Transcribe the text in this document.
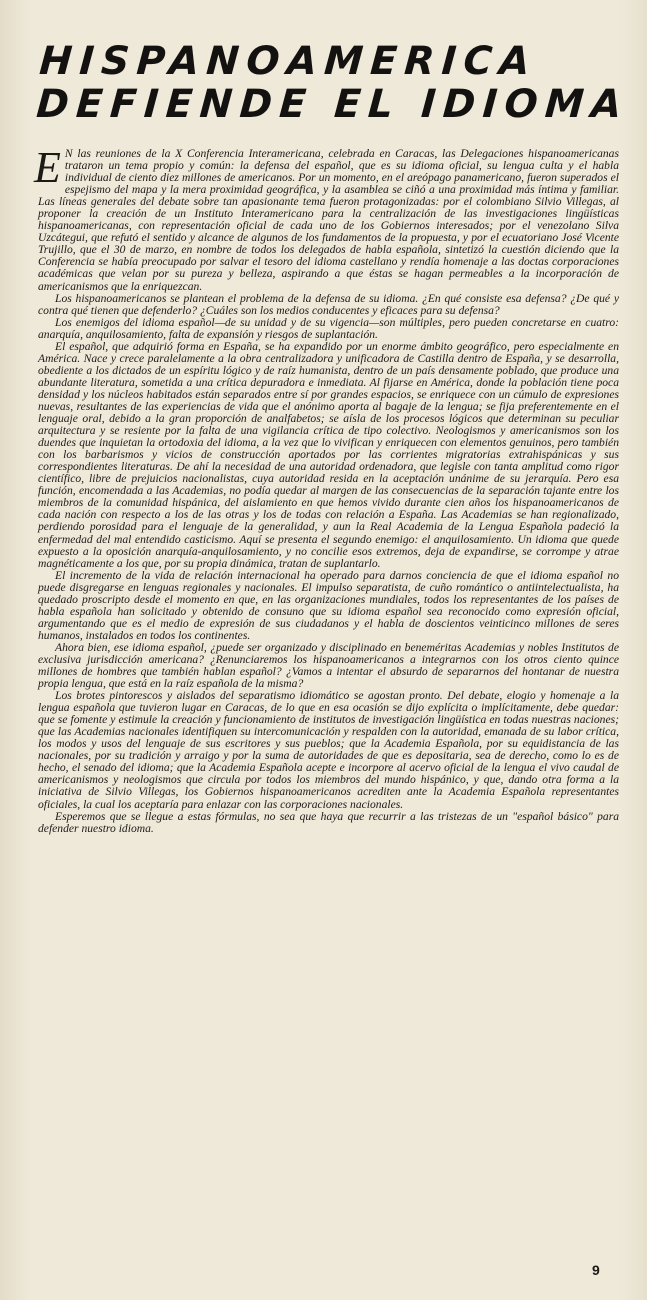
HISPANOAMERICA
DEFIENDE EL IDIOMA

E N las reuniones de la X Conferencia Interamericana, celebrada en Caracas, las Delegaciones hispanoamericanas trataron un tema propio y común: la defensa del español, que es su idioma oficial, su lengua culta y el habla individual de ciento diez millones de americanos. Por un momento, en el areópago panamericano, fueron superados el espejismo del mapa y la mera proximidad geográfica, y la asamblea se ciñó a una proximidad más íntima y familiar. Las líneas generales del debate sobre tan apasionante tema fueron protagonizadas: por el colombiano Silvio Villegas, al proponer la creación de un Instituto Interamericano para la centralización de las investigaciones lingüísticas hispanoamericanas, con representación oficial de cada uno de los Gobiernos interesados; por el venezolano Silva Uzcátegui, que refutó el sentido y alcance de algunos de los fundamentos de la propuesta, y por el ecuatoriano José Vicente Trujillo, que el 30 de marzo, en nombre de todos los delegados de habla española, sintetizó la cuestión diciendo que la Conferencia se había preocupado por salvar el tesoro del idioma castellano y rendía homenaje a las doctas corporaciones académicas que velan por su pureza y belleza, aspirando a que éstas se hagan permeables a la incorporación de americanismos que la enriquezcan.

Los hispanoamericanos se plantean el problema de la defensa de su idioma. ¿En qué consiste esa defensa? ¿De qué y contra qué tienen que defenderlo? ¿Cuáles son los medios conducentes y eficaces para su defensa?

Los enemigos del idioma español—de su unidad y de su vigencia—son múltiples, pero pueden concretarse en cuatro: anarquía, anquilosamiento, falta de expansión y riesgos de suplantación.

El español, que adquirió forma en España, se ha expandido por un enorme ámbito geográfico, pero especialmente en América. Nace y crece paralelamente a la obra centralizadora y unificadora de Castilla dentro de España, y se desarrolla, obediente a los dictados de un espíritu lógico y de raíz humanista, dentro de un país densamente poblado, que produce una abundante literatura, sometida a una crítica depuradora e inmediata. Al fijarse en América, donde la población tiene poca densidad y los núcleos habitados están separados entre sí por grandes espacios, se enriquece con un cúmulo de expresiones nuevas, resultantes de las experiencias de vida que el anónimo aporta al bagaje de la lengua; se fija preferentemente en el lenguaje oral, debido a la gran proporción de analfabetos; se aísla de los procesos lógicos que determinan su peculiar arquitectura y se resiente por la falta de una vigilancia crítica de tipo colectivo. Neologismos y americanismos son los duendes que inquietan la ortodoxia del idioma, a la vez que lo vivifican y enriquecen con elementos genuinos, pero también con los barbarismos y vicios de construcción aportados por las corrientes migratorias extrahispánicas y sus correspondientes literaturas. De ahí la necesidad de una autoridad ordenadora, que legisle con tanta amplitud como rigor científico, libre de prejuicios nacionalistas, cuya autoridad resida en la aceptación unánime de su jerarquía. Pero esa función, encomendada a las Academias, no podía quedar al margen de las consecuencias de la separación tajante entre los miembros de la comunidad hispánica, del aislamiento en que hemos vivido durante cien años los hispanoamericanos de cada nación con respecto a los de las otras y los de todas con relación a España. Las Academias se han regionalizado, perdiendo porosidad para el lenguaje de la generalidad, y aun la Real Academia de la Lengua Española padeció la enfermedad del mal entendido casticismo. Aquí se presenta el segundo enemigo: el anquilosamiento. Un idioma que quede expuesto a la oposición anarquía-anquilosamiento, y no concilie esos extremos, deja de expandirse, se corrompe y atrae magnéticamente a los que, por su propia dinámica, tratan de suplantarlo.

El incremento de la vida de relación internacional ha operado para darnos conciencia de que el idioma español no puede disgregarse en lenguas regionales y nacionales. El impulso separatista, de cuño romántico o antiintelectualista, ha quedado proscripto desde el momento en que, en las organizaciones mundiales, todos los representantes de los países de habla española han solicitado y obtenido de consuno que su idioma español sea reconocido como expresión oficial, argumentando que es el medio de expresión de sus ciudadanos y el habla de doscientos veinticinco millones de seres humanos, instalados en todos los continentes.

Ahora bien, ese idioma español, ¿puede ser organizado y disciplinado en beneméritas Academias y nobles Institutos de exclusiva jurisdicción americana? ¿Renunciaremos los hispanoamericanos a integrarnos con los otros ciento quince millones de hombres que también hablan español? ¿Vamos a intentar el absurdo de separarnos del hontanar de nuestra propia lengua, que está en la raíz española de la misma?

Los brotes pintorescos y aislados del separatismo idiomático se agostan pronto. Del debate, elogio y homenaje a la lengua española que tuvieron lugar en Caracas, de lo que en esa ocasión se dijo explícita o implícitamente, debe quedar: que se fomente y estimule la creación y funcionamiento de institutos de investigación lingüística en todas nuestras naciones; que las Academias nacionales identifiquen su intercomunicación y respalden con la autoridad, emanada de su labor crítica, los modos y usos del lenguaje de sus escritores y sus pueblos; que la Academia Española, por su equidistancia de las nacionales, por su tradición y arraigo y por la suma de autoridades de que es depositaria, sea de derecho, como lo es de hecho, el senado del idioma; que la Academia Española acepte e incorpore al acervo oficial de la lengua el vivo caudal de americanismos y neologismos que circula por todos los miembros del mundo hispánico, y que, dando otra forma a la iniciativa de Silvio Villegas, los Gobiernos hispanoamericanos acrediten ante la Academia Española representantes oficiales, la cual los aceptaría para enlazar con las corporaciones nacionales.

Esperemos que se llegue a estas fórmulas, no sea que haya que recurrir a las tristezas de un "español básico" para defender nuestro idioma.

9
